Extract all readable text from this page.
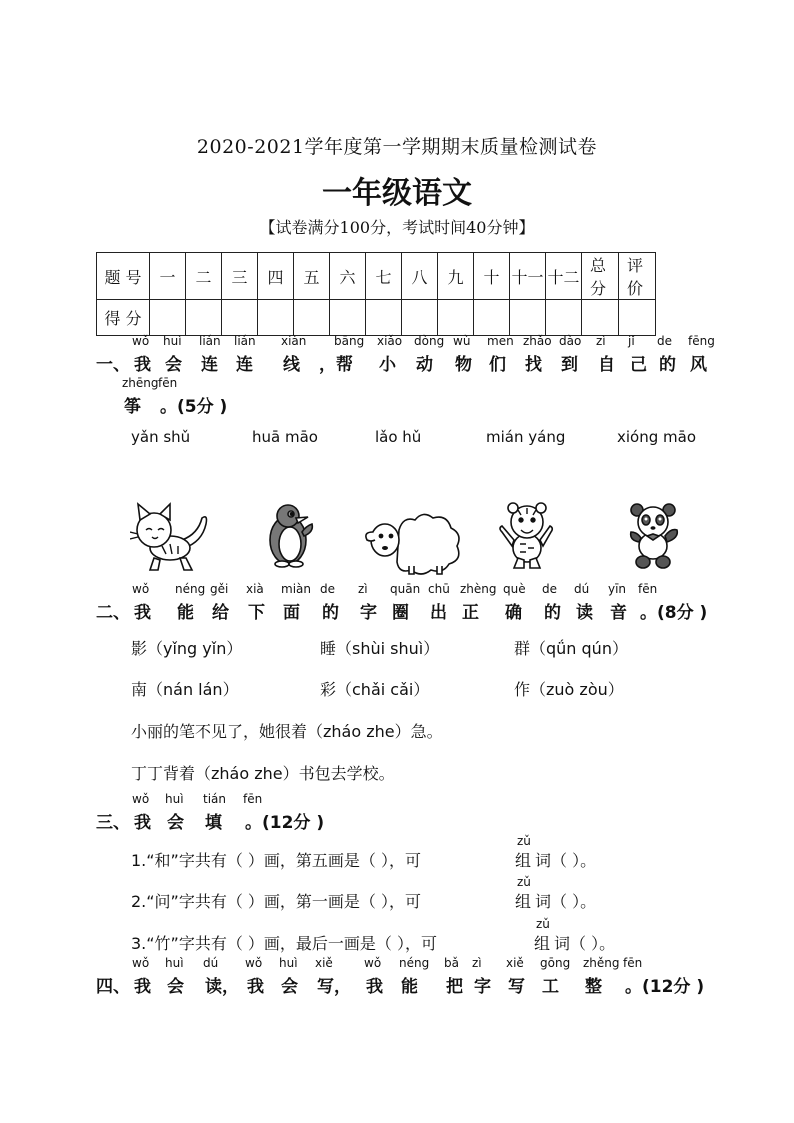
2020-2021学年度第一学期期末质量检测试卷
一年级语文
【试卷满分100分，考试时间40分钟】
题 号	一	二	三	四	五	六	七	八	九	十	十一	十二	总 分	评 价
得 分														
一、
wǒ
我
huì
会
lián
连
lián
连
xiàn
线 ，
bāng
帮
xiǎo
小
dòng
动
wù
物
men
们
zhǎo
找
dào
到
zì
自
jǐ
己
de
的
fēng
风
zhēng
筝
fēn
。(5分 )
yǎn shǔ	huā māo	lǎo hǔ	mián yáng	xióng māo
二、
wǒ
我
néng
能
gěi
给
xià
下
miàn
面
de
的
zì
字
quān
圈
chū
出
zhèng
正
què
确
de
的
dú
读
yīn
音
fēn
。(8分 )
影（yǐng yǐn）	睡（shùi shuì）	群（qǘn qún）
南（nán lán）	彩（chǎi cǎi）	作（zuò zòu）
小丽的笔不见了，她很着（zháo zhe）急。
丁丁背着（zháo zhe）书包去学校。
三、
wǒ
我
huì
会
tián
填
fēn
。(12分 )
1.“和”字共有（ ）画，第五画是（ ），可
zǔ
组 词（ ）。
2.“问”字共有（ ）画，第一画是（ ），可
zǔ
组 词（ ）。
3.“竹”字共有（ ）画，最后一画是（ ），可
zǔ
组 词（ ）。
四、
wǒ
我
huì
会
dú
读，
wǒ
我
huì
会
xiě
写，
wǒ
我
néng
能
bǎ
把
zì
字
xiě
写
gōng
工
zhěng
整
fēn
。(12分 )
